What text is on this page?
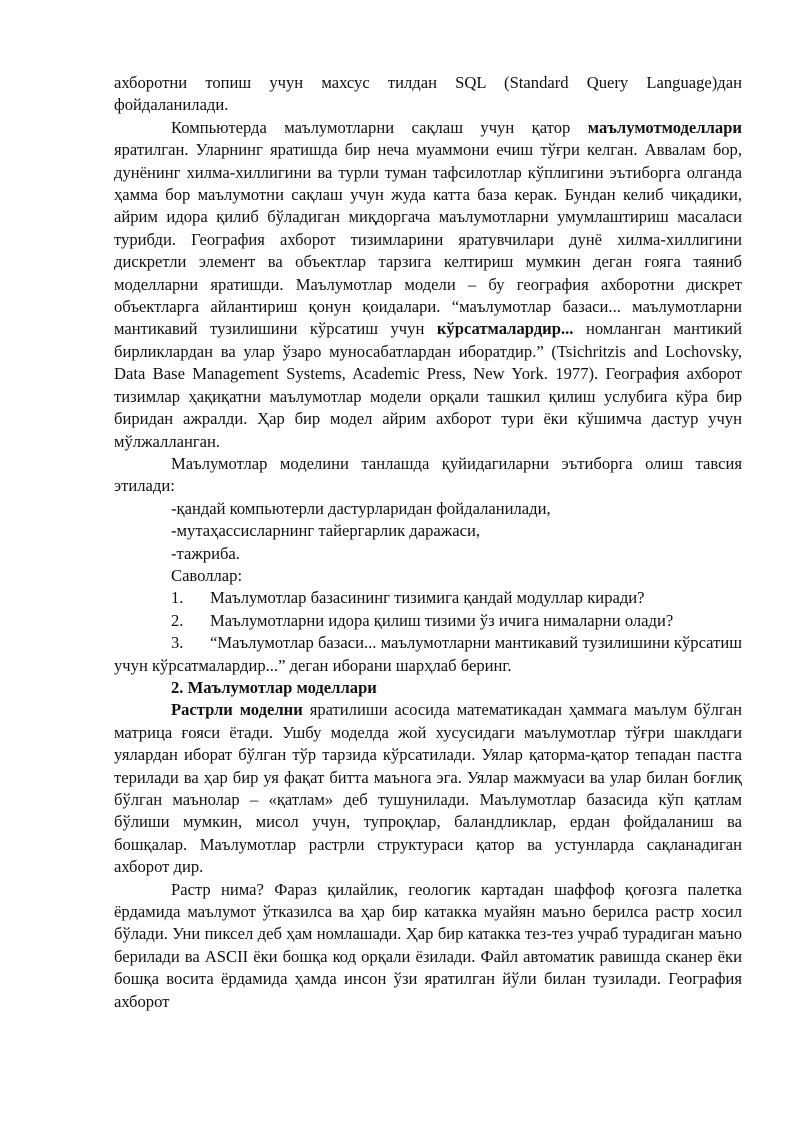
ахборотни топиш учун махсус тилдан SQL (Standard Query Language)дан фойдаланилади.

Компьютерда маълумотларни сақлаш учун қатор маълумотмоделлари яратилган. Уларнинг яратишда бир неча муаммони ечиш тўғри келган. Аввалам бор, дунёнинг хилма-хиллигини ва турли туман тафсилотлар кўплигини эътиборга олганда ҳамма бор маълумотни сақлаш учун жуда катта база керак. Бундан келиб чиқадики, айрим идора қилиб бўладиган миқдоргача маълумотларни умумлаштириш масаласи турибди. География ахборот тизимларини яратувчилари дунё хилма-хиллигини дискретли элемент ва объектлар тарзига келтириш мумкин деган ғояга таяниб моделларни яратишди. Маълумотлар модели – бу география ахборотни дискрет объектларга айлантириш қонун қоидалари. “маълумотлар базаси... маълумотларни мантикавий тузилишини кўрсатиш учун кўрсатмалардир... номланган мантикий бирликлардан ва улар ўзаро муносабатлардан иборатдир.” (Tsichritzis and Lochovsky, Data Base Management Systems, Academic Press, New York. 1977). География ахборот тизимлар ҳақиқатни маълумотлар модели орқали ташкил қилиш услубига кўра бир биридан ажралди. Ҳар бир модел айрим ахборот тури ёки кўшимча дастур учун мўлжалланган.

Маълумотлар моделини танлашда қуйидагиларни эътиборга олиш тавсия этилади:

-қандай компьютерли дастурларидан фойдаланилади,

-мутаҳассисларнинг тайергарлик даражаси,

-тажриба.

Саволлар:

1. Маълумотлар базасининг тизимига қандай модуллар киради?

2. Маълумотларни идора қилиш тизими ўз ичига нималарни олади?

3. “Маълумотлар базаси... маълумотларни мантикавий тузилишини кўрсатиш учун кўрсатмалардир...” деган иборани шарҳлаб беринг.

2. Маълумотлар моделлари

Растрли моделни яратилиши асосида математикадан ҳаммага маълум бўлган матрица ғояси ётади. Ушбу моделда жой хусусидаги маълумотлар тўғри шаклдаги уялардан иборат бўлган тўр тарзида кўрсатилади. Уялар қаторма-қатор тепадан пастга терилади ва ҳар бир уя фақат битта маънога эга. Уялар мажмуаси ва улар билан боғлиқ бўлган маънолар – «қатлам» деб тушунилади. Маълумотлар базасида кўп қатлам бўлиши мумкин, мисол учун, тупроқлар, баландликлар, ердан фойдаланиш ва бошқалар. Маълумотлар растрли структураси қатор ва устунларда сақланадиган ахборот дир.

Растр нима? Фараз қилайлик, геологик картадан шаффоф қоғозга палетка ёрдамида маълумот ўтказилса ва ҳар бир катакка муайян маъно берилса растр хосил бўлади. Уни пиксел деб ҳам номлашади. Ҳар бир катакка тез-тез учраб турадиган маъно берилади ва ASCII ёки бошқа код орқали ёзилади. Файл автоматик равишда сканер ёки бошқа восита ёрдамида ҳамда инсон ўзи яратилган йўли билан тузилади. География ахборот
